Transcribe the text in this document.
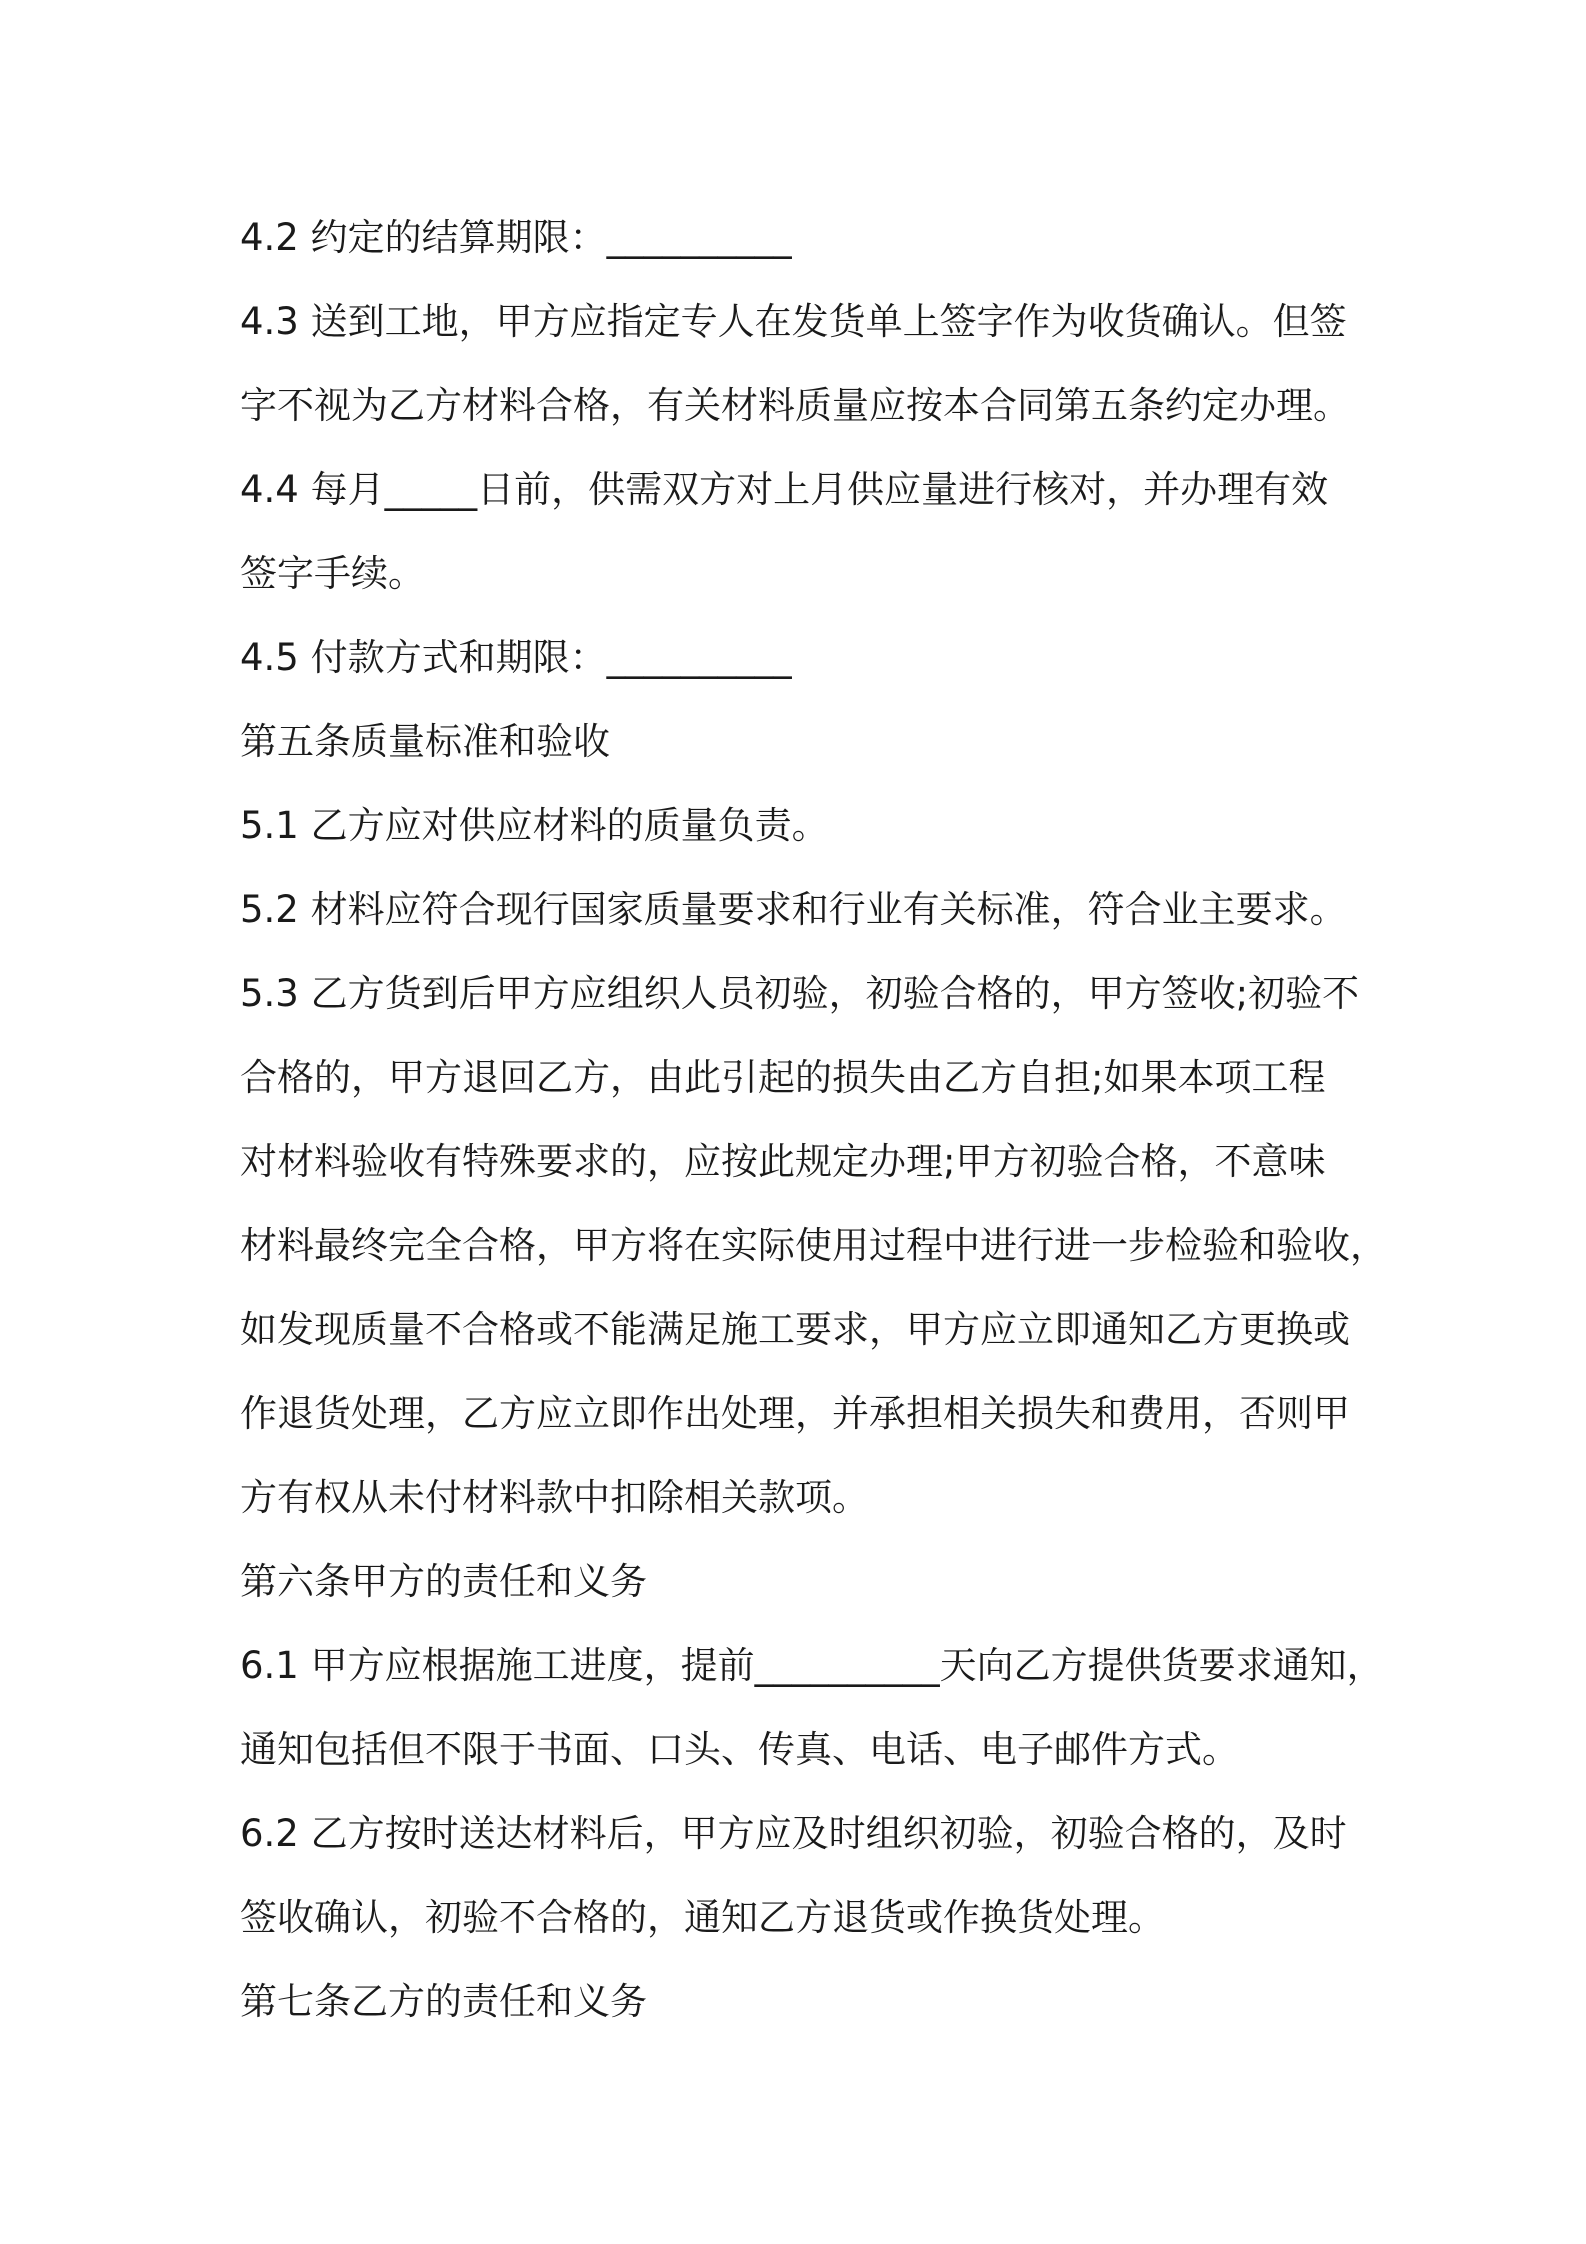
4.2 约定的结算期限：__________
4.3 送到工地，甲方应指定专人在发货单上签字作为收货确认。但签
字不视为乙方材料合格，有关材料质量应按本合同第五条约定办理。
4.4 每月_____日前，供需双方对上月供应量进行核对，并办理有效
签字手续。
4.5 付款方式和期限：__________
第五条质量标准和验收
5.1 乙方应对供应材料的质量负责。
5.2 材料应符合现行国家质量要求和行业有关标准，符合业主要求。
5.3 乙方货到后甲方应组织人员初验，初验合格的，甲方签收;初验不
合格的，甲方退回乙方，由此引起的损失由乙方自担;如果本项工程
对材料验收有特殊要求的，应按此规定办理;甲方初验合格，不意味
材料最终完全合格，甲方将在实际使用过程中进行进一步检验和验收，
如发现质量不合格或不能满足施工要求，甲方应立即通知乙方更换或
作退货处理，乙方应立即作出处理，并承担相关损失和费用，否则甲
方有权从未付材料款中扣除相关款项。
第六条甲方的责任和义务
6.1 甲方应根据施工进度，提前__________天向乙方提供货要求通知，
通知包括但不限于书面、口头、传真、电话、电子邮件方式。
6.2 乙方按时送达材料后，甲方应及时组织初验，初验合格的，及时
签收确认，初验不合格的，通知乙方退货或作换货处理。
第七条乙方的责任和义务
